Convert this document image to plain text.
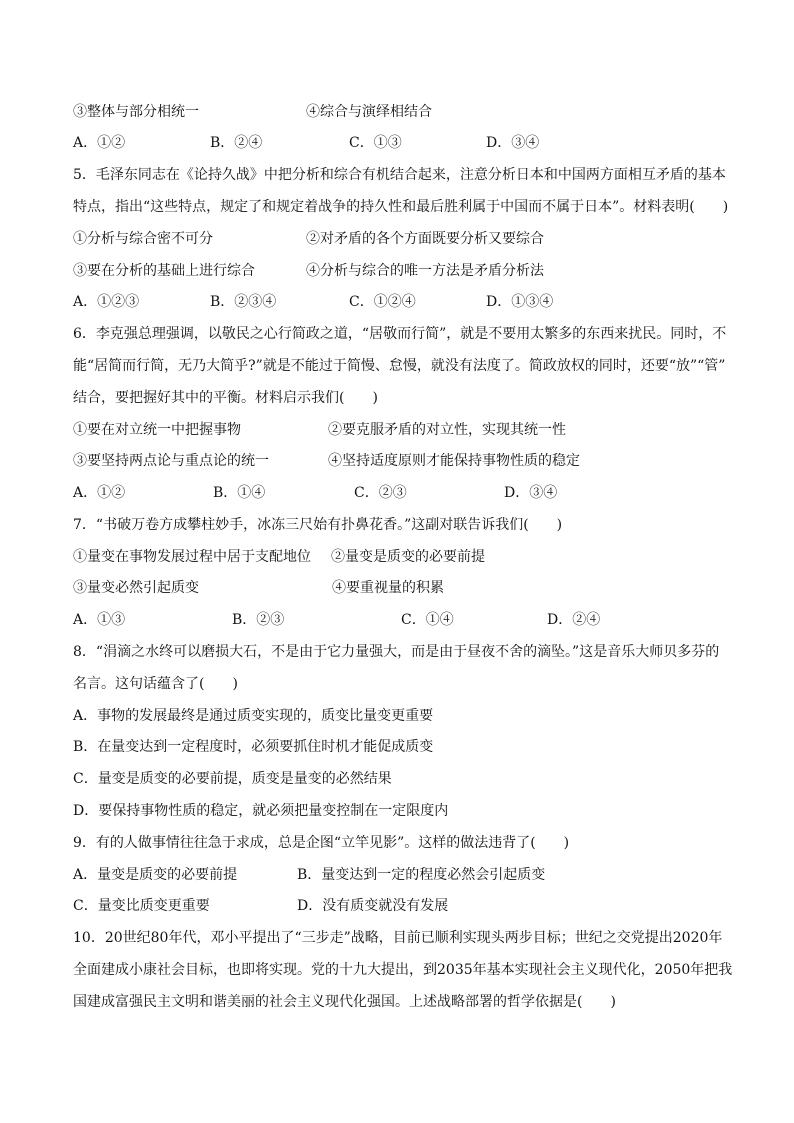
③整体与部分相统一	④综合与演绎相结合
A．①②	B．②④	C．①③	D．③④
5．毛泽东同志在《论持久战》中把分析和综合有机结合起来，注意分析日本和中国两方面相互矛盾的基本
特点，指出“这些特点，规定了和规定着战争的持久性和最后胜利属于中国而不属于日本”。材料表明(　　)
①分析与综合密不可分	②对矛盾的各个方面既要分析又要综合
③要在分析的基础上进行综合	④分析与综合的唯一方法是矛盾分析法
A．①②③	B．②③④	C．①②④	D．①③④
6．李克强总理强调，以敬民之心行简政之道，“居敬而行简”，就是不要用太繁多的东西来扰民。同时，不
能“居简而行简，无乃大简乎?”就是不能过于简慢、怠慢，就没有法度了。简政放权的同时，还要“放”“管”
结合，要把握好其中的平衡。材料启示我们(　　)
①要在对立统一中把握事物	②要克服矛盾的对立性，实现其统一性
③要坚持两点论与重点论的统一	④坚持适度原则才能保持事物性质的稳定
A．①②	B．①④	C．②③	D．③④
7．“书破万卷方成攀柱妙手，冰冻三尺始有扑鼻花香。”这副对联告诉我们(　　)
①量变在事物发展过程中居于支配地位 ②量变是质变的必要前提
③量变必然引起质变	④要重视量的积累
A．①③	B．②③	C．①④	D．②④
8．“涓滴之水终可以磨损大石，不是由于它力量强大，而是由于昼夜不舍的滴坠。”这是音乐大师贝多芬的
名言。这句话蕴含了(　　)
A．事物的发展最终是通过质变实现的，质变比量变更重要
B．在量变达到一定程度时，必须要抓住时机才能促成质变
C．量变是质变的必要前提，质变是量变的必然结果
D．要保持事物性质的稳定，就必须把量变控制在一定限度内
9．有的人做事情往往急于求成，总是企图“立竿见影”。这样的做法违背了(　　)
A．量变是质变的必要前提	B．量变达到一定的程度必然会引起质变
C．量变比质变更重要	D．没有质变就没有发展
10．20世纪80年代，邓小平提出了“三步走”战略，目前已顺利实现头两步目标；世纪之交党提出2020年
全面建成小康社会目标，也即将实现。党的十九大提出，到2035年基本实现社会主义现代化，2050年把我
国建成富强民主文明和谐美丽的社会主义现代化强国。上述战略部署的哲学依据是(　　)
